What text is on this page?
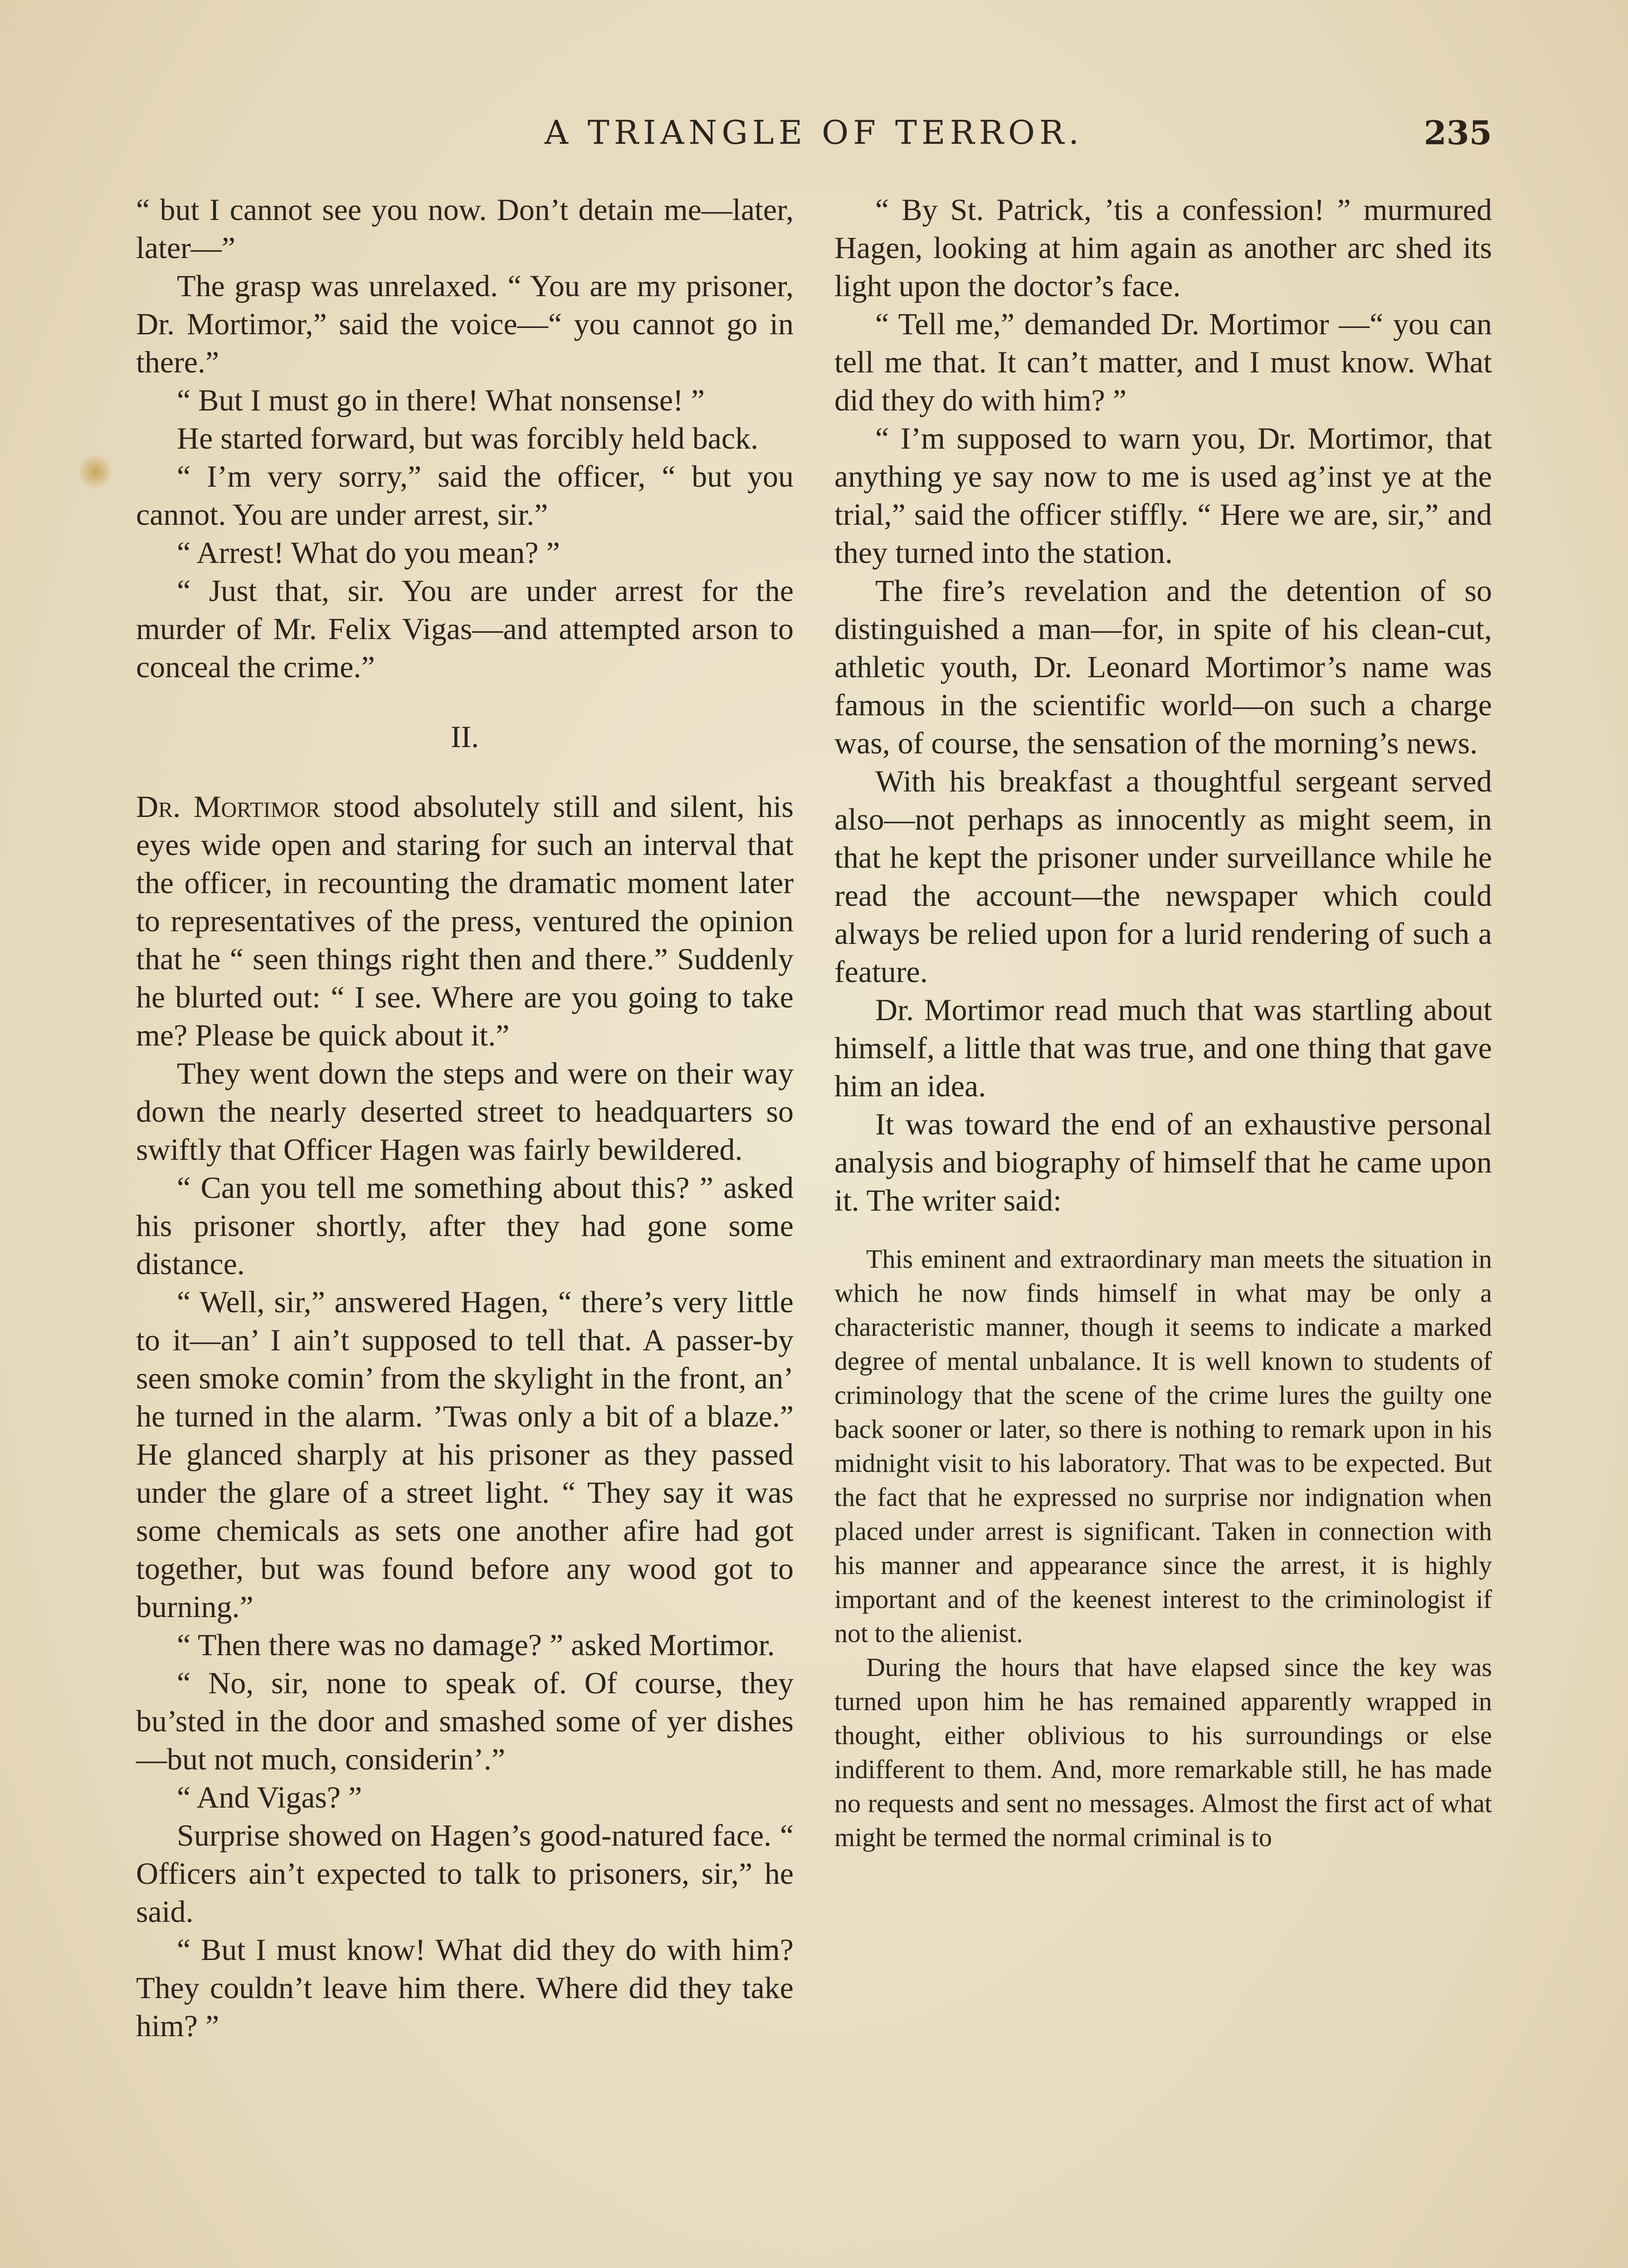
A TRIANGLE OF TERROR.	235

“ but I cannot see you now. Don’t detain me—later, later—”

The grasp was unrelaxed. “ You are my prisoner, Dr. Mortimor,” said the voice—“ you cannot go in there.”

“ But I must go in there! What nonsense! ”

He started forward, but was forcibly held back.

“ I’m very sorry,” said the officer, “ but you cannot. You are under arrest, sir.”

“ Arrest! What do you mean? ”

“ Just that, sir. You are under arrest for the murder of Mr. Felix Vigas—and attempted arson to conceal the crime.”

II.

Dr. Mortimor stood absolutely still and silent, his eyes wide open and staring for such an interval that the officer, in recounting the dramatic moment later to representatives of the press, ventured the opinion that he “ seen things right then and there.” Suddenly he blurted out: “ I see. Where are you going to take me? Please be quick about it.”

They went down the steps and were on their way down the nearly deserted street to headquarters so swiftly that Officer Hagen was fairly bewildered.

“ Can you tell me something about this? ” asked his prisoner shortly, after they had gone some distance.

“ Well, sir,” answered Hagen, “ there’s very little to it—an’ I ain’t supposed to tell that. A passer-by seen smoke comin’ from the skylight in the front, an’ he turned in the alarm. ’Twas only a bit of a blaze.” He glanced sharply at his prisoner as they passed under the glare of a street light. “ They say it was some chemicals as sets one another afire had got together, but was found before any wood got to burning.”

“ Then there was no damage? ” asked Mortimor.

“ No, sir, none to speak of. Of course, they bu’sted in the door and smashed some of yer dishes—but not much, considerin’.”

“ And Vigas? ”

Surprise showed on Hagen’s good-natured face. “ Officers ain’t expected to talk to prisoners, sir,” he said.

“ But I must know! What did they do with him? They couldn’t leave him there. Where did they take him? ”

“ By St. Patrick, ’tis a confession! ” murmured Hagen, looking at him again as another arc shed its light upon the doctor’s face.

“ Tell me,” demanded Dr. Mortimor —“ you can tell me that. It can’t matter, and I must know. What did they do with him? ”

“ I’m supposed to warn you, Dr. Mortimor, that anything ye say now to me is used ag’inst ye at the trial,” said the officer stiffly. “ Here we are, sir,” and they turned into the station.

The fire’s revelation and the detention of so distinguished a man—for, in spite of his clean-cut, athletic youth, Dr. Leonard Mortimor’s name was famous in the scientific world—on such a charge was, of course, the sensation of the morning’s news.

With his breakfast a thoughtful sergeant served also—not perhaps as innocently as might seem, in that he kept the prisoner under surveillance while he read the account—the newspaper which could always be relied upon for a lurid rendering of such a feature.

Dr. Mortimor read much that was startling about himself, a little that was true, and one thing that gave him an idea.

It was toward the end of an exhaustive personal analysis and biography of himself that he came upon it. The writer said:

This eminent and extraordinary man meets the situation in which he now finds himself in what may be only a characteristic manner, though it seems to indicate a marked degree of mental unbalance. It is well known to students of criminology that the scene of the crime lures the guilty one back sooner or later, so there is nothing to remark upon in his midnight visit to his laboratory. That was to be expected. But the fact that he expressed no surprise nor indignation when placed under arrest is significant. Taken in connection with his manner and appearance since the arrest, it is highly important and of the keenest interest to the criminologist if not to the alienist.

During the hours that have elapsed since the key was turned upon him he has remained apparently wrapped in thought, either oblivious to his surroundings or else indifferent to them. And, more remarkable still, he has made no requests and sent no messages. Almost the first act of what might be termed the normal criminal is to
